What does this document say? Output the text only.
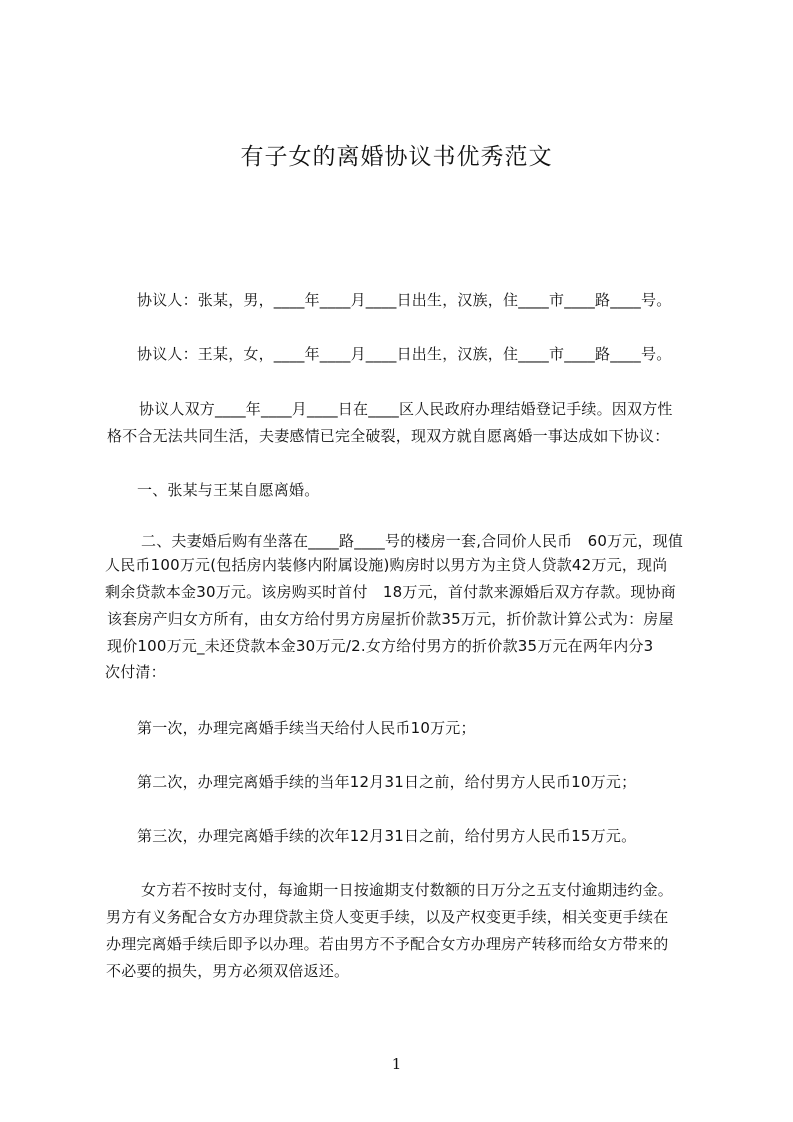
有子女的离婚协议书优秀范文

协议人：张某，男，____年____月____日出生，汉族，住____市____路____号。

协议人：王某，女，____年____月____日出生，汉族，住____市____路____号。

协议人双方____年____月____日在____区人民政府办理结婚登记手续。因双方性

格不合无法共同生活，夫妻感情已完全破裂，现双方就自愿离婚一事达成如下协议：

一、张某与王某自愿离婚。

二、夫妻婚后购有坐落在____路____号的楼房一套,合同价人民币　60万元，现值

人民币100万元(包括房内装修内附属设施)购房时以男方为主贷人贷款42万元，现尚

剩余贷款本金30万元。该房购买时首付　18万元，首付款来源婚后双方存款。现协商

该套房产归女方所有，由女方给付男方房屋折价款35万元，折价款计算公式为：房屋

现价100万元_未还贷款本金30万元/2.女方给付男方的折价款35万元在两年内分3

次付清：

第一次，办理完离婚手续当天给付人民币10万元；

第二次，办理完离婚手续的当年12月31日之前，给付男方人民币10万元；

第三次，办理完离婚手续的次年12月31日之前，给付男方人民币15万元。

女方若不按时支付，每逾期一日按逾期支付数额的日万分之五支付逾期违约金。

男方有义务配合女方办理贷款主贷人变更手续，以及产权变更手续，相关变更手续在

办理完离婚手续后即予以办理。若由男方不予配合女方办理房产转移而给女方带来的

不必要的损失，男方必须双倍返还。

1
